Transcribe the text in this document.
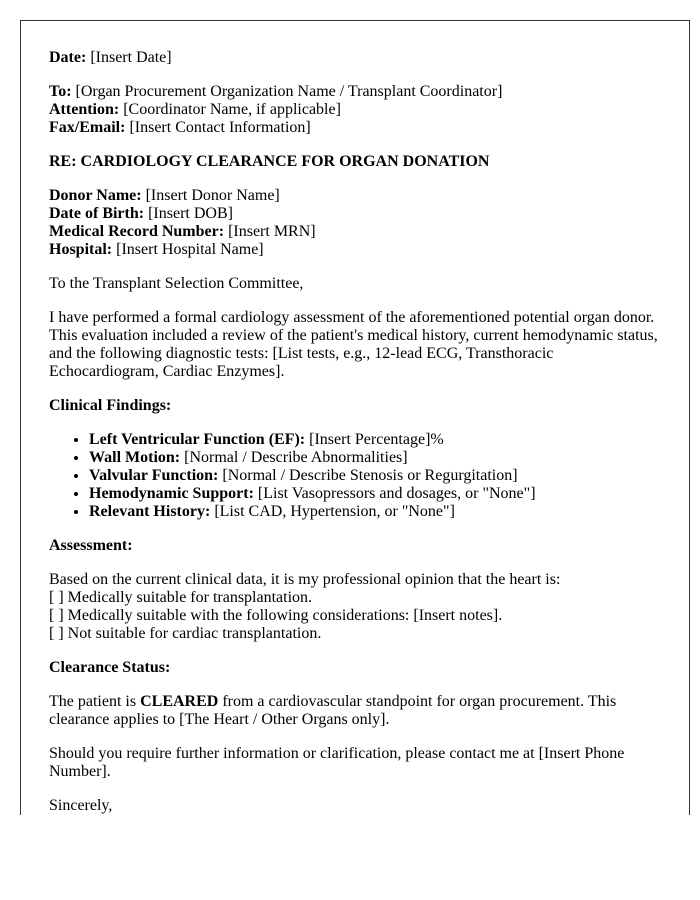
Date: [Insert Date]

To: [Organ Procurement Organization Name / Transplant Coordinator]
Attention: [Coordinator Name, if applicable]
Fax/Email: [Insert Contact Information]

RE: CARDIOLOGY CLEARANCE FOR ORGAN DONATION

Donor Name: [Insert Donor Name]
Date of Birth: [Insert DOB]
Medical Record Number: [Insert MRN]
Hospital: [Insert Hospital Name]

To the Transplant Selection Committee,

I have performed a formal cardiology assessment of the aforementioned potential organ donor. This evaluation included a review of the patient's medical history, current hemodynamic status, and the following diagnostic tests: [List tests, e.g., 12-lead ECG, Transthoracic Echocardiogram, Cardiac Enzymes].

Clinical Findings:

• Left Ventricular Function (EF): [Insert Percentage]%
• Wall Motion: [Normal / Describe Abnormalities]
• Valvular Function: [Normal / Describe Stenosis or Regurgitation]
• Hemodynamic Support: [List Vasopressors and dosages, or "None"]
• Relevant History: [List CAD, Hypertension, or "None"]

Assessment:

Based on the current clinical data, it is my professional opinion that the heart is:
[ ] Medically suitable for transplantation.
[ ] Medically suitable with the following considerations: [Insert notes].
[ ] Not suitable for cardiac transplantation.

Clearance Status:

The patient is CLEARED from a cardiovascular standpoint for organ procurement. This clearance applies to [The Heart / Other Organs only].

Should you require further information or clarification, please contact me at [Insert Phone Number].

Sincerely,
